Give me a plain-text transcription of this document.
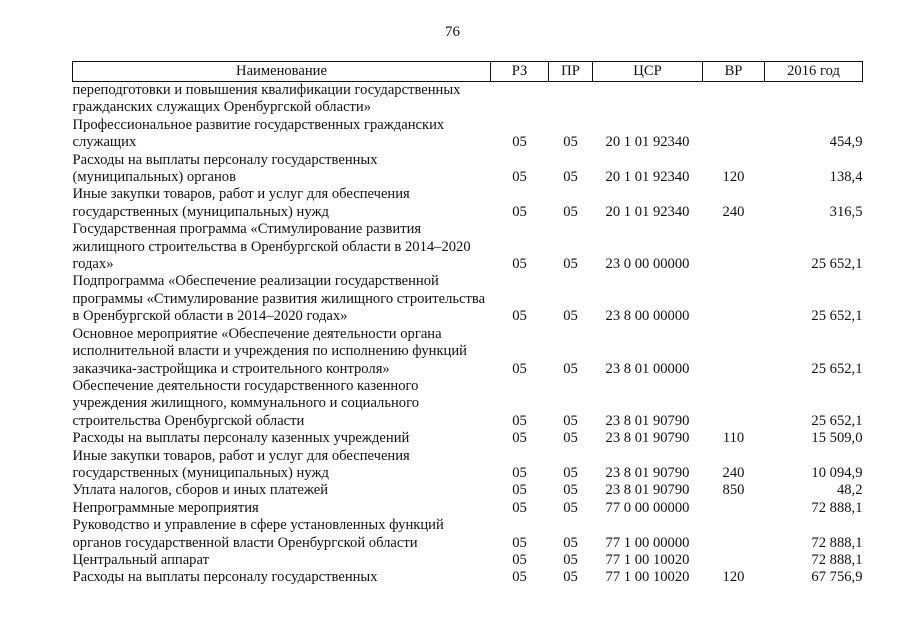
76
Наименование	РЗ	ПР	ЦСР	ВР	2016 год
переподготовки и повышения квалификации государственных гражданских служащих Оренбургской области»					
Профессиональное развитие государственных гражданских служащих	05	05	20 1 01 92340		454,9
Расходы на выплаты персоналу государственных (муниципальных) органов	05	05	20 1 01 92340	120	138,4
Иные закупки товаров, работ и услуг для обеспечения государственных (муниципальных) нужд	05	05	20 1 01 92340	240	316,5
Государственная программа «Стимулирование развития жилищного строительства в Оренбургской области в 2014–2020 годах»	05	05	23 0 00 00000		25 652,1
Подпрограмма «Обеспечение реализации государственной программы «Стимулирование развития жилищного строительства в Оренбургской области в 2014–2020 годах»	05	05	23 8 00 00000		25 652,1
Основное мероприятие «Обеспечение деятельности органа исполнительной власти и учреждения по исполнению функций заказчика-застройщика и строительного контроля»	05	05	23 8 01 00000		25 652,1
Обеспечение деятельности государственного казенного учреждения жилищного, коммунального и социального строительства Оренбургской области	05	05	23 8 01 90790		25 652,1
Расходы на выплаты персоналу казенных учреждений	05	05	23 8 01 90790	110	15 509,0
Иные закупки товаров, работ и услуг для обеспечения государственных (муниципальных) нужд	05	05	23 8 01 90790	240	10 094,9
Уплата налогов, сборов и иных платежей	05	05	23 8 01 90790	850	48,2
Непрограммные мероприятия	05	05	77 0 00 00000		72 888,1
Руководство и управление в сфере установленных функций органов государственной власти Оренбургской области	05	05	77 1 00 00000		72 888,1
Центральный аппарат	05	05	77 1 00 10020		72 888,1
Расходы на выплаты персоналу государственных	05	05	77 1 00 10020	120	67 756,9
